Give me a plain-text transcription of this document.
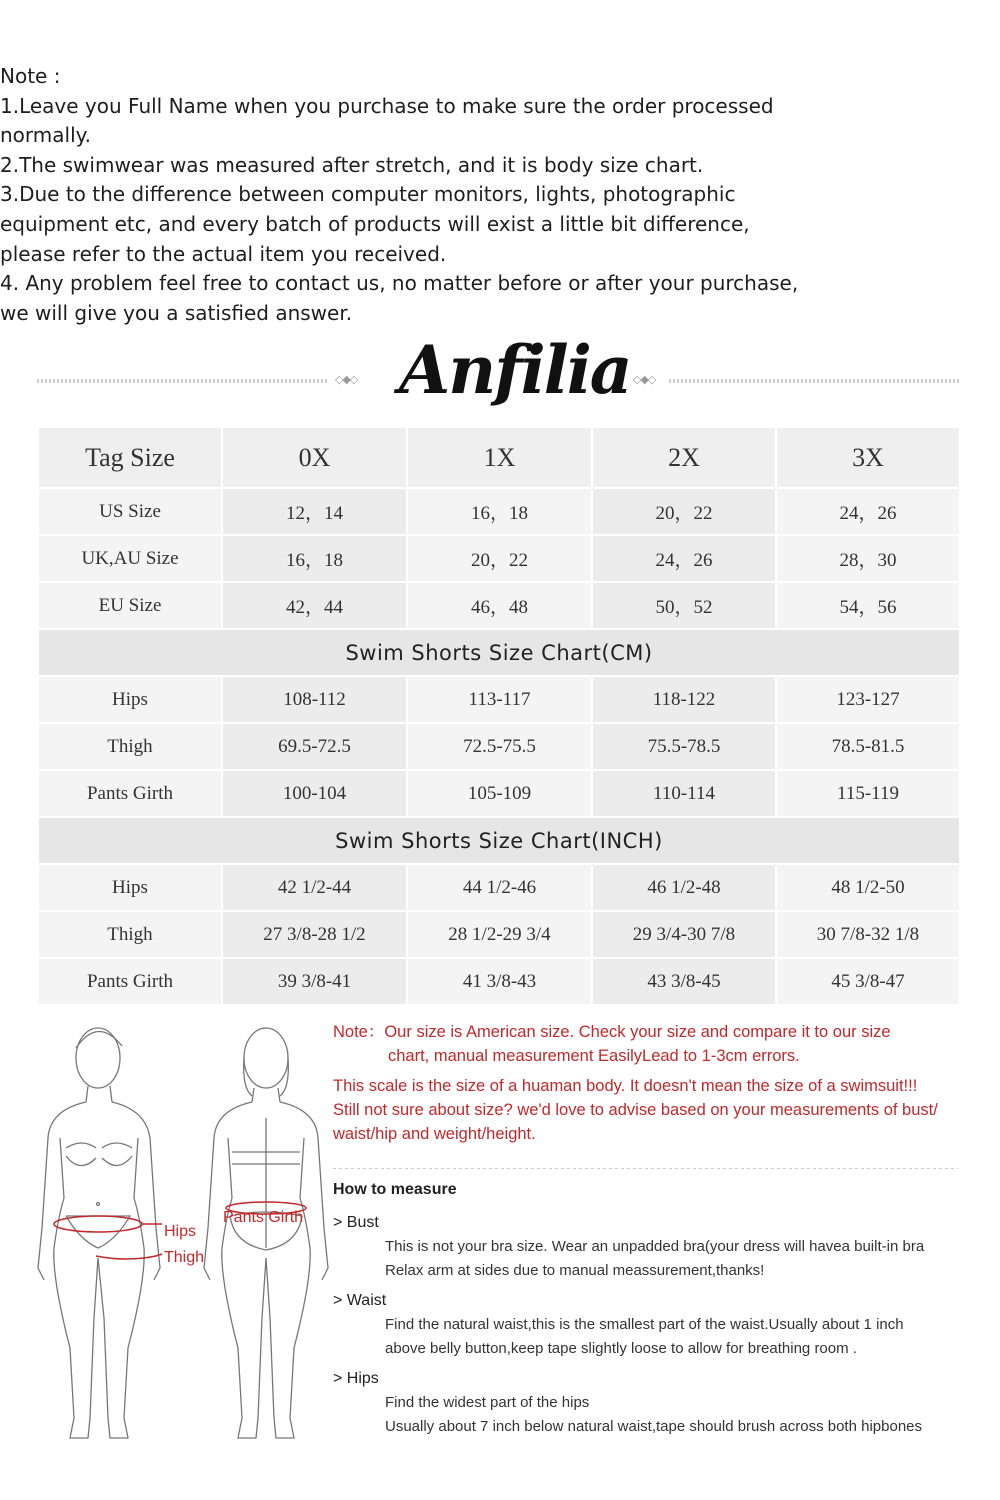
Note :

1.Leave you Full Name when you purchase to make sure the order processed normally.

2.The swimwear was measured after stretch, and it is body size chart.

3.Due to the difference between computer monitors, lights, photographic equipment etc, and every batch of products will exist a little bit difference, please refer to the actual item you received.

4. Any problem feel free to contact us, no matter before or after your purchase, we will give you a satisfied answer.

◇◆◇ Anfilia ◇◆◇
Tag Size	0X	1X	2X	3X
US Size	12，14	16，18	20，22	24，26
UK,AU Size	16，18	20，22	24，26	28，30
EU Size	42，44	46，48	50，52	54，56
Swim Shorts Size Chart(CM)				
Hips	108-112	113-117	118-122	123-127
Thigh	69.5-72.5	72.5-75.5	75.5-78.5	78.5-81.5
Pants Girth	100-104	105-109	110-114	115-119
Swim Shorts Size Chart(INCH)				
Hips	42 1/2-44	44 1/2-46	46 1/2-48	48 1/2-50
Thigh	27 3/8-28 1/2	28 1/2-29 3/4	29 3/4-30 7/8	30 7/8-32 1/8
Pants Girth	39 3/8-41	41 3/8-43	43 3/8-45	45 3/8-47
Hips
Thigh
Pants Girth

Note：Our size is American size. Check your size and compare it to our size

chart, manual measurement EasilyLead to 1-3cm errors.

This scale is the size of a huaman body. It doesn't mean the size of a swimsuit!!!

Still not sure about size? we'd love to advise based on your measurements of bust/

waist/hip and weight/height.

How to measure

> Bust

This is not your bra size. Wear an unpadded bra(your dress will havea built-in bra

Relax arm at sides due to manual meassurement,thanks!

> Waist

Find the natural waist,this is the smallest part of the waist.Usually about 1 inch

above belly button,keep tape slightly loose to allow for breathing room .

> Hips

Find the widest part of the hips

Usually about 7 inch below natural waist,tape should brush across both hipbones
